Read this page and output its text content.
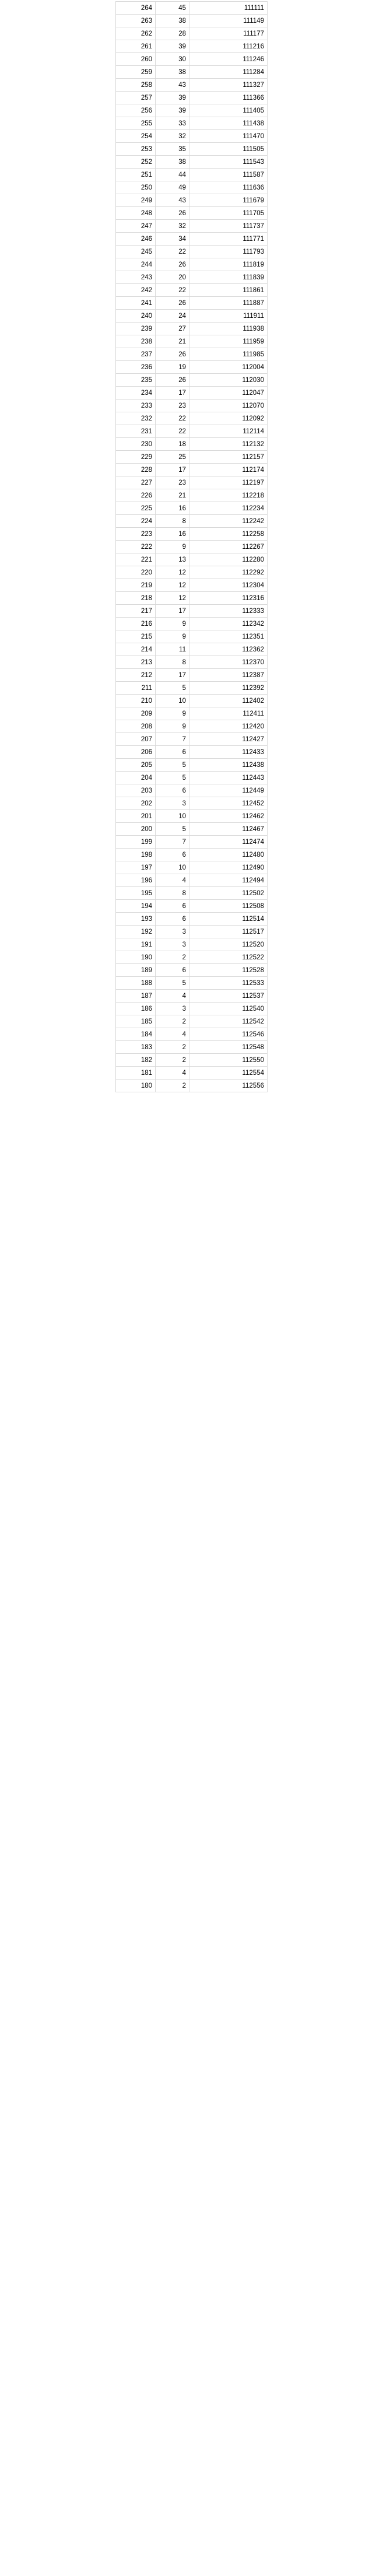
264	45	111111
263	38	111149
262	28	111177
261	39	111216
260	30	111246
259	38	111284
258	43	111327
257	39	111366
256	39	111405
255	33	111438
254	32	111470
253	35	111505
252	38	111543
251	44	111587
250	49	111636
249	43	111679
248	26	111705
247	32	111737
246	34	111771
245	22	111793
244	26	111819
243	20	111839
242	22	111861
241	26	111887
240	24	111911
239	27	111938
238	21	111959
237	26	111985
236	19	112004
235	26	112030
234	17	112047
233	23	112070
232	22	112092
231	22	112114
230	18	112132
229	25	112157
228	17	112174
227	23	112197
226	21	112218
225	16	112234
224	8	112242
223	16	112258
222	9	112267
221	13	112280
220	12	112292
219	12	112304
218	12	112316
217	17	112333
216	9	112342
215	9	112351
214	11	112362
213	8	112370
212	17	112387
211	5	112392
210	10	112402
209	9	112411
208	9	112420
207	7	112427
206	6	112433
205	5	112438
204	5	112443
203	6	112449
202	3	112452
201	10	112462
200	5	112467
199	7	112474
198	6	112480
197	10	112490
196	4	112494
195	8	112502
194	6	112508
193	6	112514
192	3	112517
191	3	112520
190	2	112522
189	6	112528
188	5	112533
187	4	112537
186	3	112540
185	2	112542
184	4	112546
183	2	112548
182	2	112550
181	4	112554
180	2	112556
